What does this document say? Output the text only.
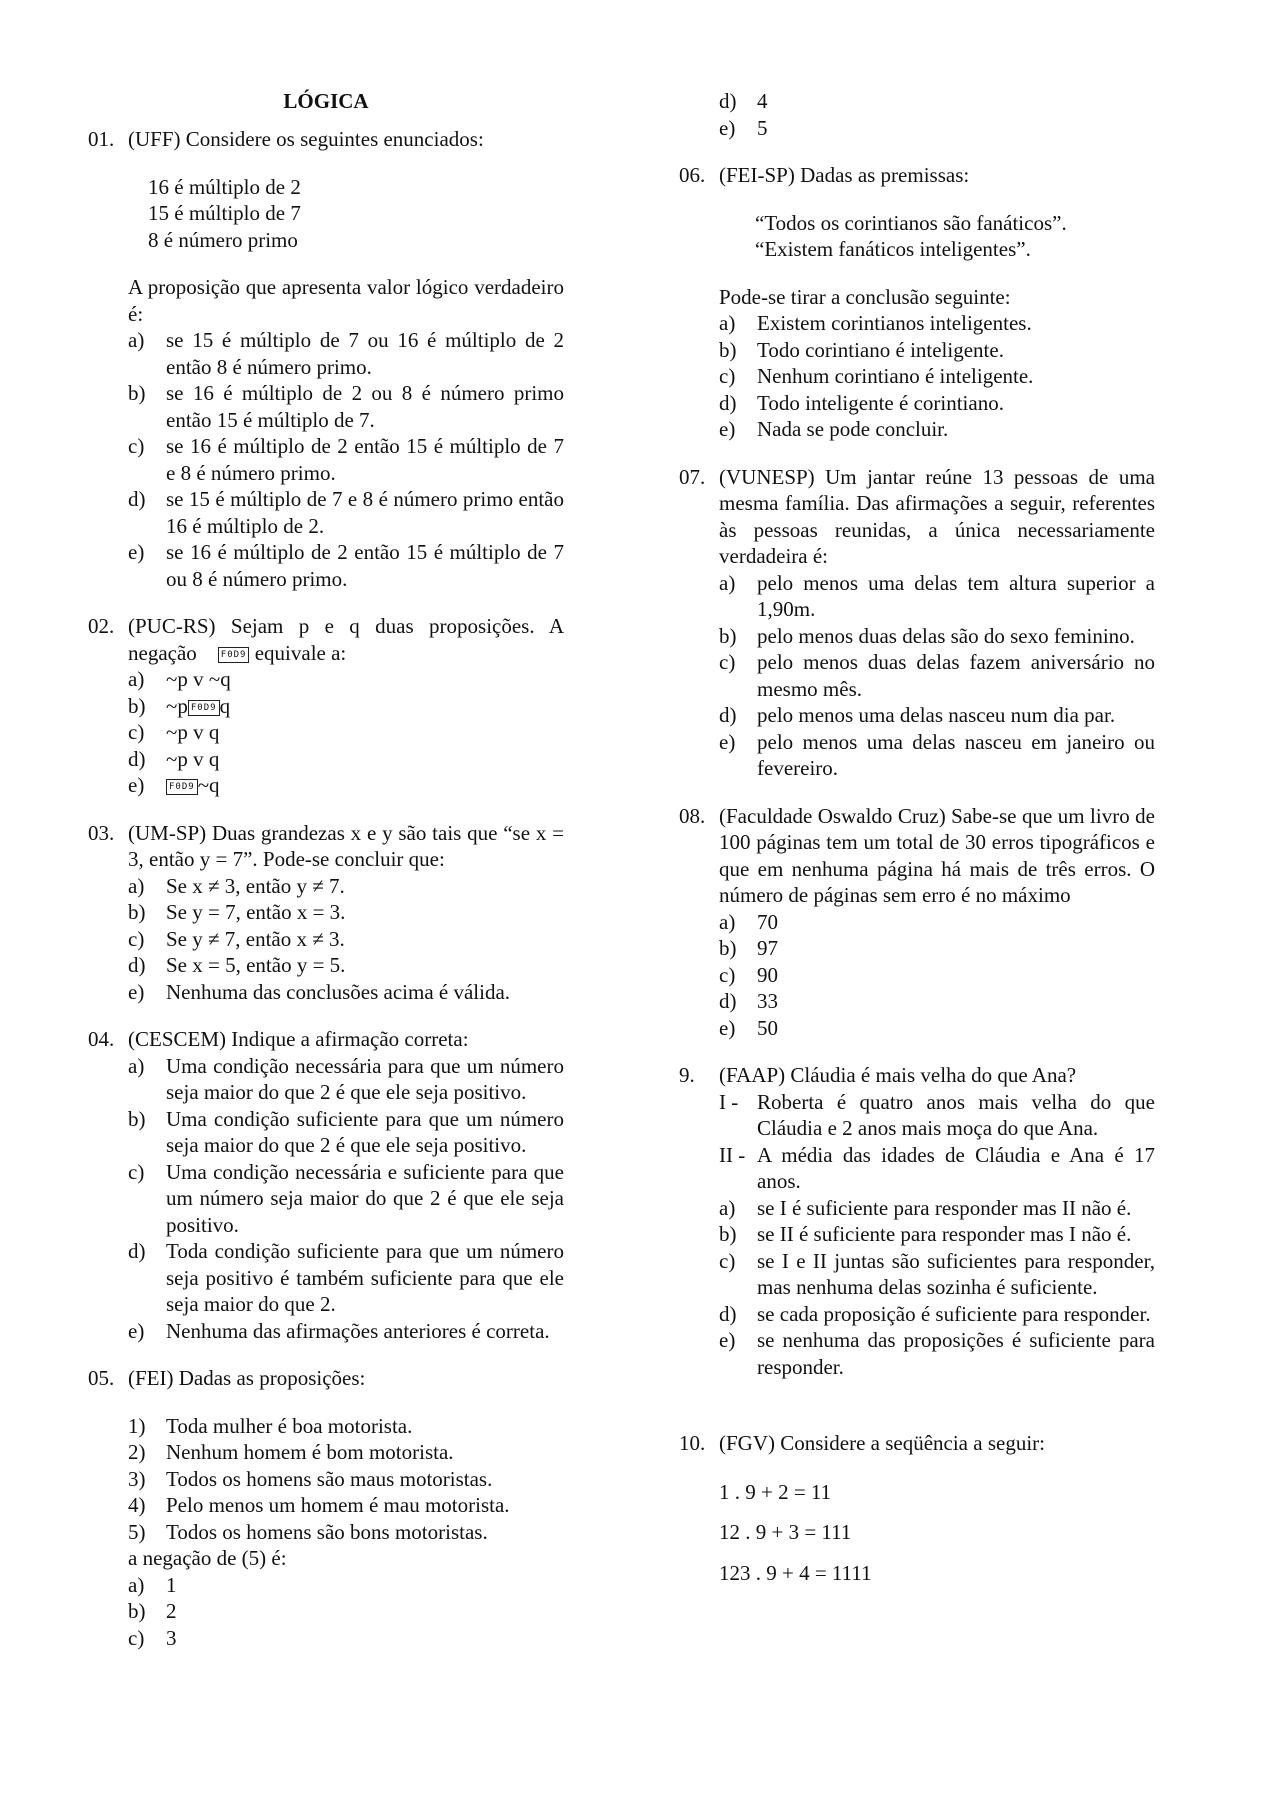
LÓGICA
01. (UFF) Considere os seguintes enunciados:
16 é múltiplo de 2
15 é múltiplo de 7
8 é número primo
A proposição que apresenta valor lógico verdadeiro é:
a)	se 15 é múltiplo de 7 ou 16 é múltiplo de 2 então 8 é número primo.
b) se 16 é múltiplo de 2 ou 8 é número primo então 15 é múltiplo de 7.
c)	se 16 é múltiplo de 2 então 15 é múltiplo de 7 e 8 é número primo.
d) se 15 é múltiplo de 7 e 8 é número primo então 16 é múltiplo de 2.
e)	se 16 é múltiplo de 2 então 15 é múltiplo de 7 ou 8 é número primo.
02. (PUC-RS) Sejam p e q duas proposições. A negação	F0D9 equivale a:
a)	~p v ~q
b) ~p F0D9 q
c)	~p v q
d) ~p v q
e)	F0D9 ~q
03. (UM-SP) Duas grandezas x e y são tais que “se x = 3, então y = 7”. Pode-se concluir que:
a)	Se x ≠ 3, então y ≠ 7.
b) Se y = 7, então x = 3.
c)	Se y ≠ 7, então x ≠ 3.
d) Se x = 5, então y = 5.
e)	Nenhuma das conclusões acima é válida.
04. (CESCEM) Indique a afirmação correta:
a)	Uma condição necessária para que um número seja maior do que 2 é que ele seja positivo.
b) Uma condição suficiente para que um número seja maior do que 2 é que ele seja positivo.
c)	Uma condição necessária e suficiente para que um número seja maior do que 2 é que ele seja positivo.
d) Toda condição suficiente para que um número seja positivo é também suficiente para que ele seja maior do que 2.
e)	Nenhuma das afirmações anteriores é correta.
05. (FEI) Dadas as proposições:
1) Toda mulher é boa motorista.
2) Nenhum homem é bom motorista.
3) Todos os homens são maus motoristas.
4) Pelo menos um homem é mau motorista.
5) Todos os homens são bons motoristas.
a negação de (5) é:
a)	1
b) 2
c)	3
d) 4
e)	5
06. (FEI-SP) Dadas as premissas:
“Todos os corintianos são fanáticos”.
“Existem fanáticos inteligentes”.
Pode-se tirar a conclusão seguinte:
a)	Existem corintianos inteligentes.
b) Todo corintiano é inteligente.
c)	Nenhum corintiano é inteligente.
d) Todo inteligente é corintiano.
e)	Nada se pode concluir.
07. (VUNESP) Um jantar reúne 13 pessoas de uma mesma família. Das afirmações a seguir, referentes às pessoas reunidas, a única necessariamente verdadeira é:
a)	pelo menos uma delas tem altura superior a 1,90m.
b) pelo menos duas delas são do sexo feminino.
c)	pelo menos duas delas fazem aniversário no mesmo mês.
d) pelo menos uma delas nasceu num dia par.
e)	pelo menos uma delas nasceu em janeiro ou fevereiro.
08. (Faculdade Oswaldo Cruz) Sabe-se que um livro de 100 páginas tem um total de 30 erros tipográficos e que em nenhuma página há mais de três erros. O número de páginas sem erro é no máximo
a)	70
b) 97
c)	90
d) 33
e)	50
9.	(FAAP) Cláudia é mais velha do que Ana?
I - Roberta é quatro anos mais velha do que Cláudia e 2 anos mais moça do que Ana.
II - A média das idades de Cláudia e Ana é 17 anos.
a)	se I é suficiente para responder mas II não é.
b) se II é suficiente para responder mas I não é.
c)	se I e II juntas são suficientes para responder, mas nenhuma delas sozinha é suficiente.
d) se cada proposição é suficiente para responder.
e)	se nenhuma das proposições é suficiente para responder.
10. (FGV) Considere a seqüência a seguir:
1 . 9 + 2 = 11
12 . 9 + 3 = 111
123 . 9 + 4 = 1111
